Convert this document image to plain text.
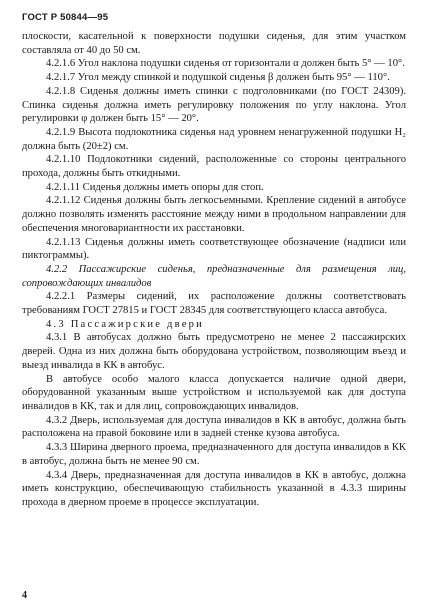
ГОСТ Р 50844—95

плоскости, касательной к поверхности подушки сиденья, для этим участком составляла от 40 до 50 см.

4.2.1.6 Угол наклона подушки сиденья от горизонтали α должен быть 5° — 10°.

4.2.1.7 Угол между спинкой и подушкой сиденья β должен быть 95° — 110°.

4.2.1.8 Сиденья должны иметь спинки с подголовниками (по ГОСТ 24309). Спинка сиденья должна иметь регулировку положения по углу наклона. Угол регулировки φ должен быть 15° — 20°.

4.2.1.9 Высота подлокотника сиденья над уровнем ненагруженной подушки H₂ должна быть (20±2) см.

4.2.1.10 Подлокотники сидений, расположенные со стороны центрального прохода, должны быть откидными.

4.2.1.11 Сиденья должны иметь опоры для стоп.

4.2.1.12 Сиденья должны быть легкосъемными. Крепление сидений в автобусе должно позволять изменять расстояние между ними в продольном направлении для обеспечения многовариантности их расстановки.

4.2.1.13 Сиденья должны иметь соответствующее обозначение (надписи или пиктограммы).

4.2.2 Пассажирские сиденья, предназначенные для размещения лиц, сопровождающих инвалидов

4.2.2.1 Размеры сидений, их расположение должны соответствовать требованиям ГОСТ 27815 и ГОСТ 28345 для соответствующего класса автобуса.

4.3 Пассажирские двери

4.3.1 В автобусах должно быть предусмотрено не менее 2 пассажирских дверей. Одна из них должна быть оборудована устройством, позволяющим въезд и выезд инвалида в КК в автобус.

В автобусе особо малого класса допускается наличие одной двери, оборудованной указанным выше устройством и используемой как для доступа инвалидов в КК, так и для лиц, сопровождающих инвалидов.

4.3.2 Дверь, используемая для доступа инвалидов в КК в автобус, должна быть расположена на правой боковине или в задней стенке кузова автобуса.

4.3.3 Ширина дверного проема, предназначенного для доступа инвалидов в КК в автобус, должна быть не менее 90 см.

4.3.4 Дверь, предназначенная для доступа инвалидов в КК в автобус, должна иметь конструкцию, обеспечивающую стабильность указанной в 4.3.3 ширины прохода в дверном проеме в процессе эксплуатации.

4
